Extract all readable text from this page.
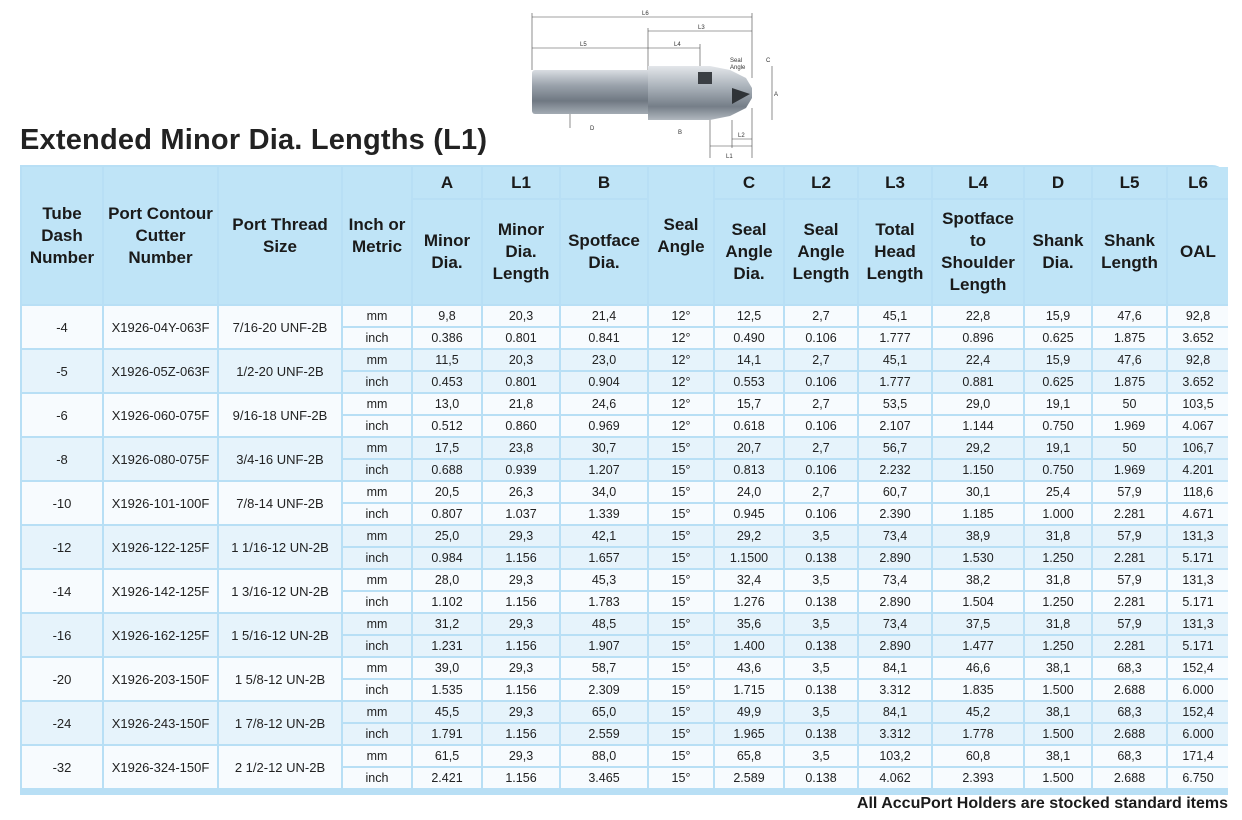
L6
L3
L5	L4
Seal
Angle
C
A
D
B	L2
L1
Extended Minor Dia. Lengths (L1)
Tube Dash Number	Port Contour Cutter Number	Port Thread Size	Inch or Metric	A	L1	B	Seal Angle	C	L2	L3	L4	D	L5	L6
				Minor Dia.	Minor Dia. Length	Spotface Dia.		Seal Angle Dia.	Seal Angle Length	Total Head Length	Spotface to Shoulder Length	Shank Dia.	Shank Length	OAL
-4	X1926-04Y-063F	7/16-20 UNF-2B	mm	9,8	20,3	21,4	12°	12,5	2,7	45,1	22,8	15,9	47,6	92,8
			inch	0.386	0.801	0.841	12°	0.490	0.106	1.777	0.896	0.625	1.875	3.652
-5	X1926-05Z-063F	1/2-20 UNF-2B	mm	11,5	20,3	23,0	12°	14,1	2,7	45,1	22,4	15,9	47,6	92,8
			inch	0.453	0.801	0.904	12°	0.553	0.106	1.777	0.881	0.625	1.875	3.652
-6	X1926-060-075F	9/16-18 UNF-2B	mm	13,0	21,8	24,6	12°	15,7	2,7	53,5	29,0	19,1	50	103,5
			inch	0.512	0.860	0.969	12°	0.618	0.106	2.107	1.144	0.750	1.969	4.067
-8	X1926-080-075F	3/4-16 UNF-2B	mm	17,5	23,8	30,7	15°	20,7	2,7	56,7	29,2	19,1	50	106,7
			inch	0.688	0.939	1.207	15°	0.813	0.106	2.232	1.150	0.750	1.969	4.201
-10	X1926-101-100F	7/8-14 UNF-2B	mm	20,5	26,3	34,0	15°	24,0	2,7	60,7	30,1	25,4	57,9	118,6
			inch	0.807	1.037	1.339	15°	0.945	0.106	2.390	1.185	1.000	2.281	4.671
-12	X1926-122-125F	1 1/16-12 UN-2B	mm	25,0	29,3	42,1	15°	29,2	3,5	73,4	38,9	31,8	57,9	131,3
			inch	0.984	1.156	1.657	15°	1.1500	0.138	2.890	1.530	1.250	2.281	5.171
-14	X1926-142-125F	1 3/16-12 UN-2B	mm	28,0	29,3	45,3	15°	32,4	3,5	73,4	38,2	31,8	57,9	131,3
			inch	1.102	1.156	1.783	15°	1.276	0.138	2.890	1.504	1.250	2.281	5.171
-16	X1926-162-125F	1 5/16-12 UN-2B	mm	31,2	29,3	48,5	15°	35,6	3,5	73,4	37,5	31,8	57,9	131,3
			inch	1.231	1.156	1.907	15°	1.400	0.138	2.890	1.477	1.250	2.281	5.171
-20	X1926-203-150F	1 5/8-12 UN-2B	mm	39,0	29,3	58,7	15°	43,6	3,5	84,1	46,6	38,1	68,3	152,4
			inch	1.535	1.156	2.309	15°	1.715	0.138	3.312	1.835	1.500	2.688	6.000
-24	X1926-243-150F	1 7/8-12 UN-2B	mm	45,5	29,3	65,0	15°	49,9	3,5	84,1	45,2	38,1	68,3	152,4
			inch	1.791	1.156	2.559	15°	1.965	0.138	3.312	1.778	1.500	2.688	6.000
-32	X1926-324-150F	2 1/2-12 UN-2B	mm	61,5	29,3	88,0	15°	65,8	3,5	103,2	60,8	38,1	68,3	171,4
			inch	2.421	1.156	3.465	15°	2.589	0.138	4.062	2.393	1.500	2.688	6.750
All AccuPort Holders are stocked standard items
